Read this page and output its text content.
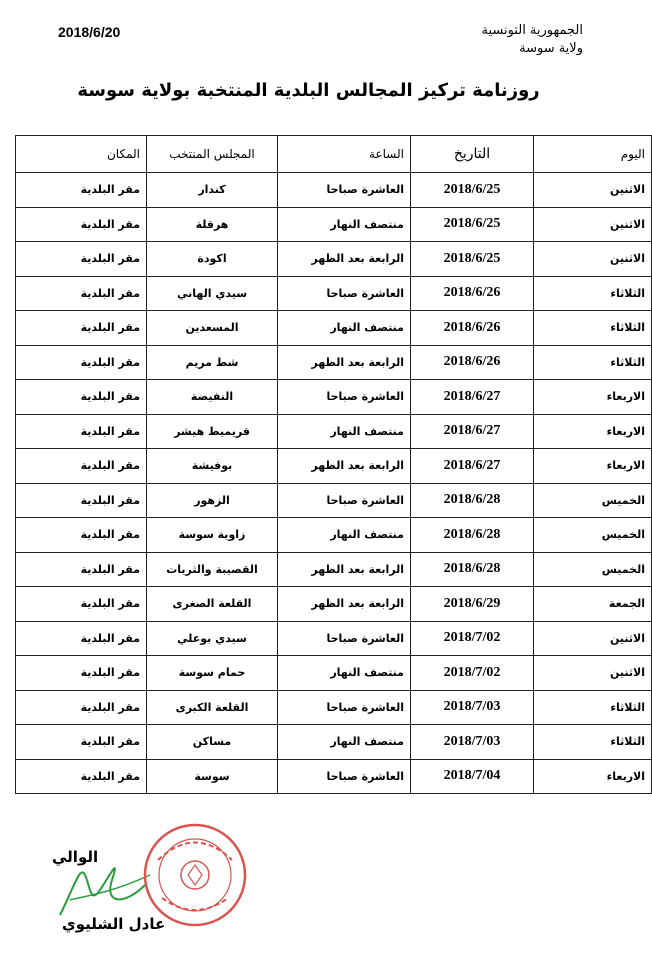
الجمهورية التونسية
ولاية سوسة
2018/6/20
روزنامة تركيز المجالس البلدية المنتخبة بولاية سوسة
اليوم	التاريخ	الساعة	المجلس المنتخب	المكان
الاثنين	2018/6/25	العاشرة صباحا	كندار	مقر البلدية
الاثنين	2018/6/25	منتصف النهار	هرقلة	مقر البلدية
الاثنين	2018/6/25	الرابعة بعد الظهر	اكودة	مقر البلدية
الثلاثاء	2018/6/26	العاشرة صباحا	سيدي الهاني	مقر البلدية
الثلاثاء	2018/6/26	منتصف النهار	المسعدين	مقر البلدية
الثلاثاء	2018/6/26	الرابعة بعد الظهر	شط مريم	مقر البلدية
الاربعاء	2018/6/27	العاشرة صباحا	النفيضة	مقر البلدية
الاربعاء	2018/6/27	منتصف النهار	قريميط هيشر	مقر البلدية
الاربعاء	2018/6/27	الرابعة بعد الظهر	بوفيشة	مقر البلدية
الخميس	2018/6/28	العاشرة صباحا	الزهور	مقر البلدية
الخميس	2018/6/28	منتصف النهار	زاوية سوسة	مقر البلدية
الخميس	2018/6/28	الرابعة بعد الظهر	القصيبة والثريات	مقر البلدية
الجمعة	2018/6/29	الرابعة بعد الظهر	القلعة الصغرى	مقر البلدية
الاثنين	2018/7/02	العاشرة صباحا	سيدي بوعلي	مقر البلدية
الاثنين	2018/7/02	منتصف النهار	حمام سوسة	مقر البلدية
الثلاثاء	2018/7/03	العاشرة صباحا	القلعة الكبرى	مقر البلدية
الثلاثاء	2018/7/03	منتصف النهار	مساكن	مقر البلدية
الاربعاء	2018/7/04	العاشرة صباحا	سوسة	مقر البلدية
الوالي
عادل الشليوي
